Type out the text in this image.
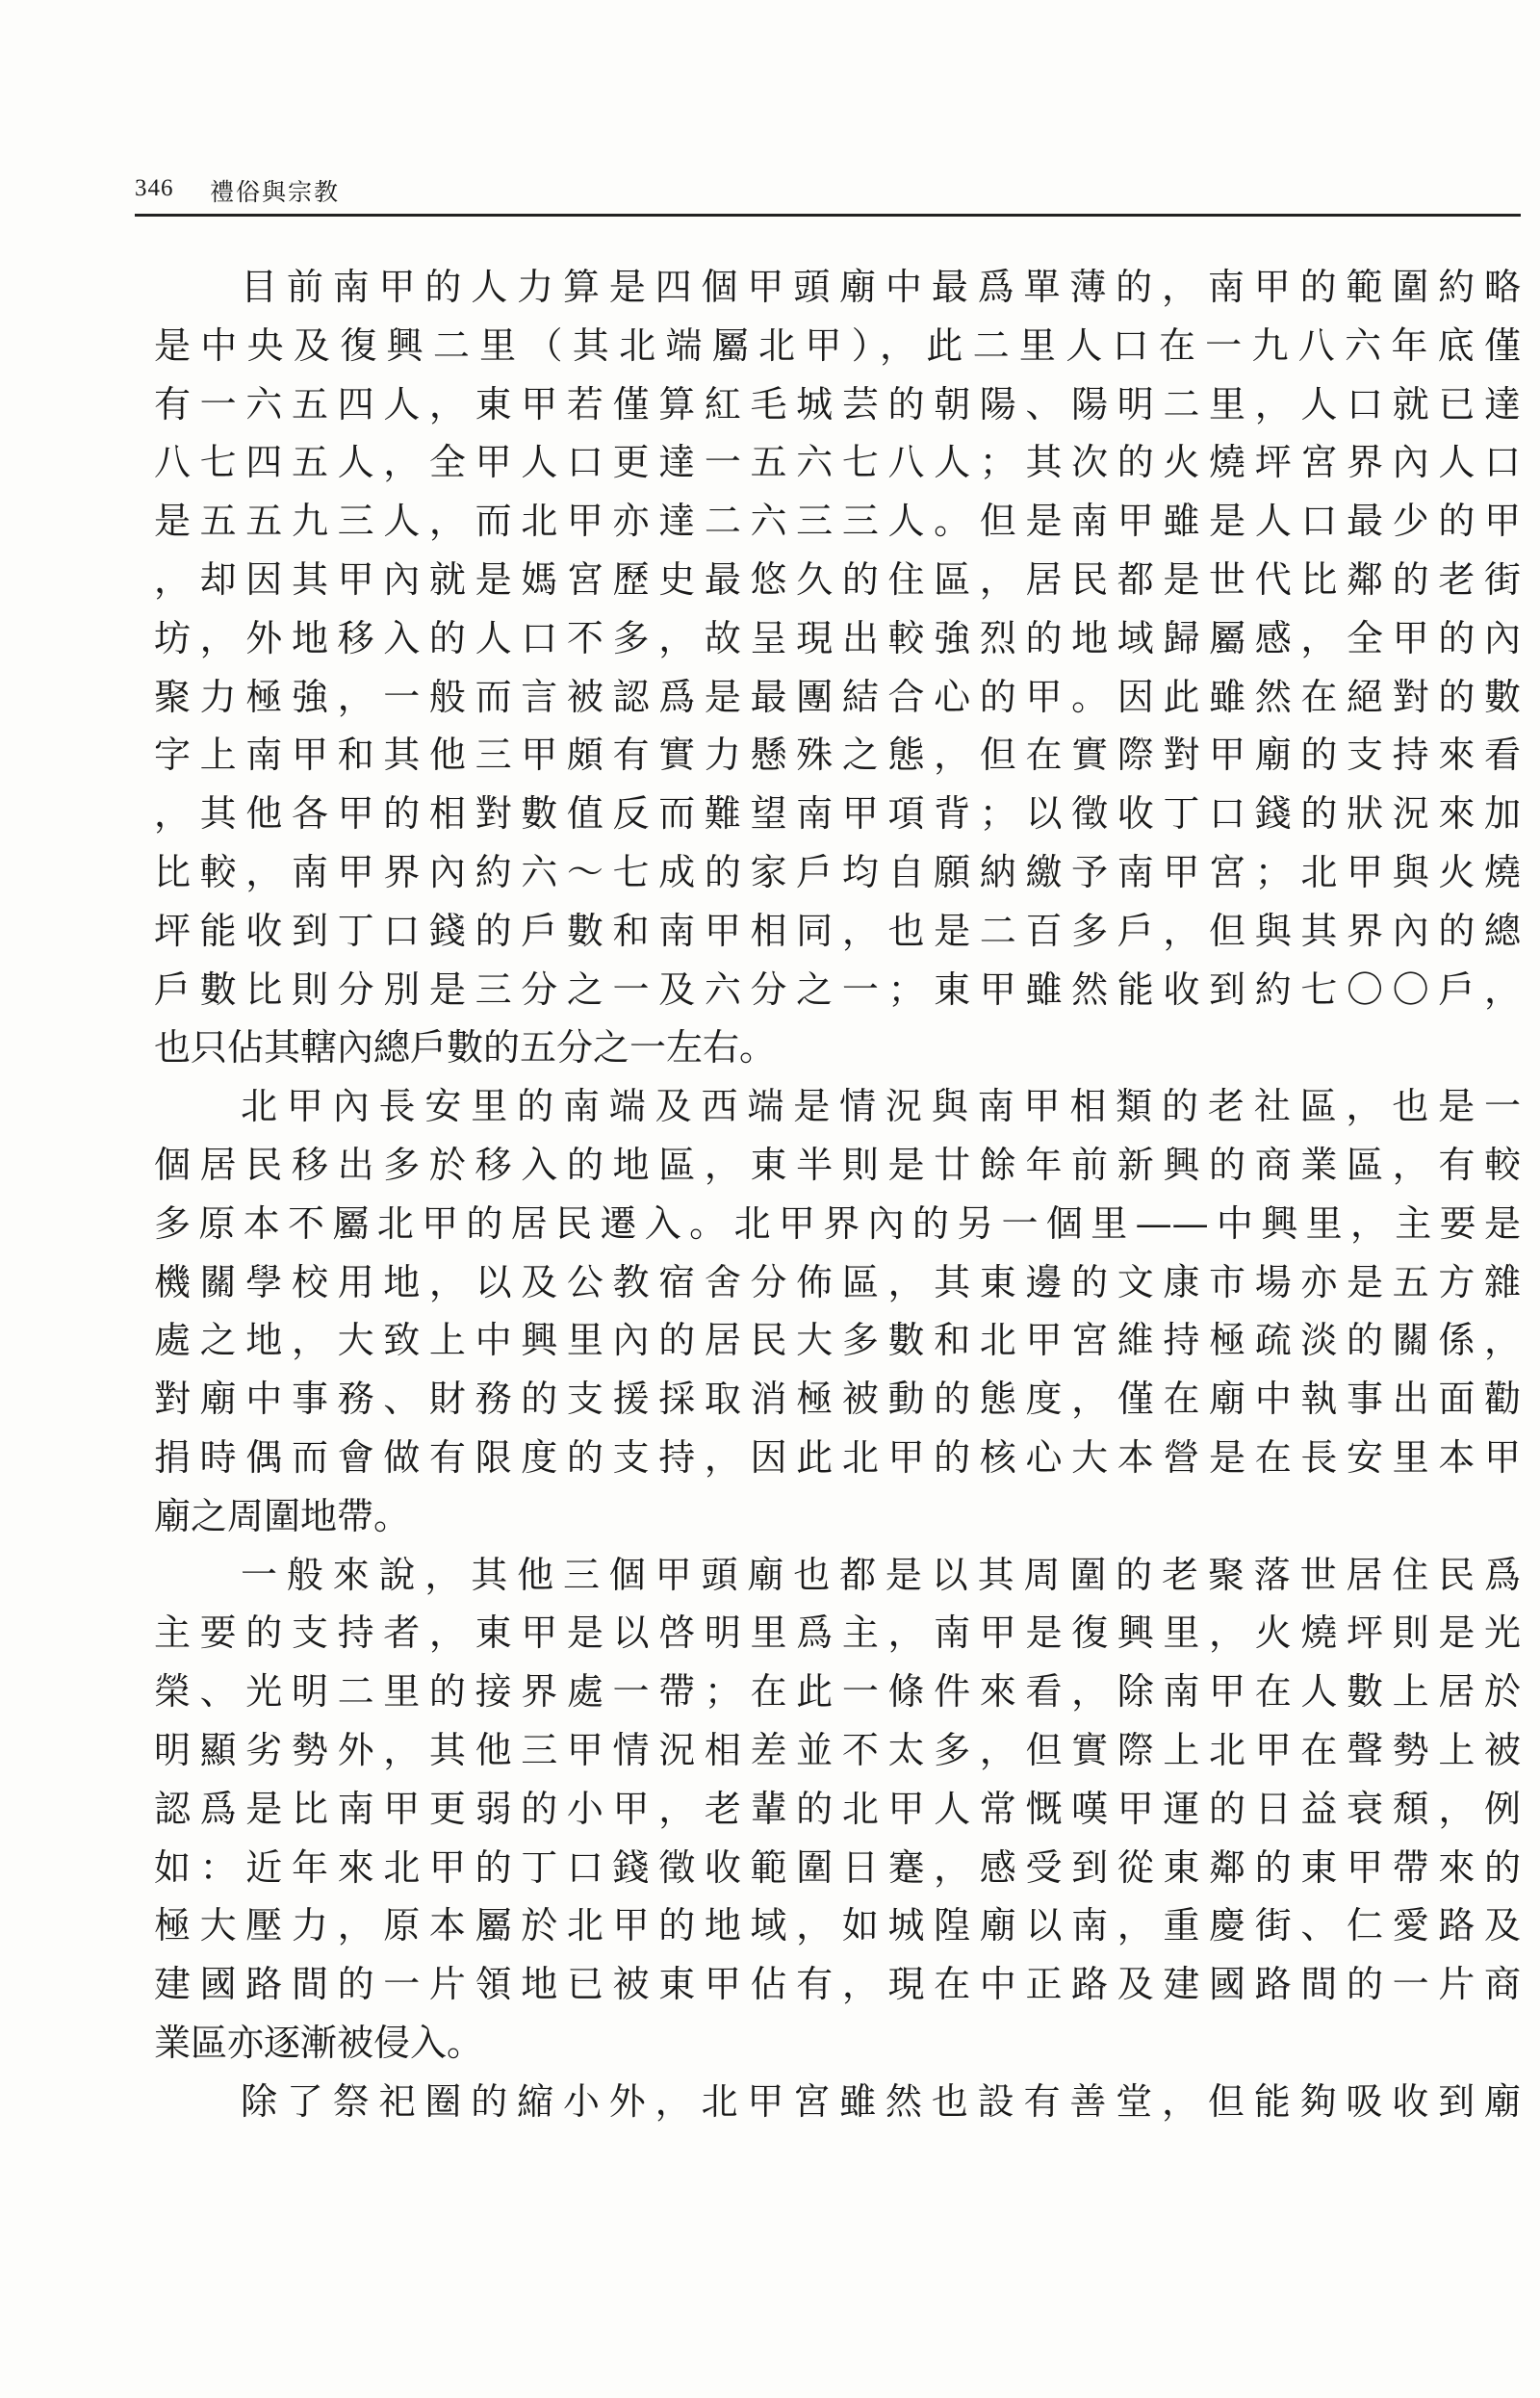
346 禮俗與宗教
目前南甲的人力算是四個甲頭廟中最爲單薄的，南甲的範圍約略
是中央及復興二里（其北端屬北甲），此二里人口在一九八六年底僅
有一六五四人，東甲若僅算紅毛城芸的朝陽、陽明二里，人口就已達
八七四五人，全甲人口更達一五六七八人；其次的火燒坪宮界內人口
是五五九三人，而北甲亦達二六三三人。但是南甲雖是人口最少的甲
，却因其甲內就是媽宮歷史最悠久的住區，居民都是世代比鄰的老街
坊，外地移入的人口不多，故呈現出較強烈的地域歸屬感，全甲的內
聚力極強，一般而言被認爲是最團結合心的甲。因此雖然在絕對的數
字上南甲和其他三甲頗有實力懸殊之態，但在實際對甲廟的支持來看
，其他各甲的相對數值反而難望南甲項背；以徵收丁口錢的狀況來加
比較，南甲界內約六～七成的家戶均自願納繳予南甲宮；北甲與火燒
坪能收到丁口錢的戶數和南甲相同，也是二百多戶，但與其界內的總
戶數比則分別是三分之一及六分之一；東甲雖然能收到約七〇〇戶，
也只佔其轄內總戶數的五分之一左右。
北甲內長安里的南端及西端是情況與南甲相類的老社區，也是一
個居民移出多於移入的地區，東半則是廿餘年前新興的商業區，有較
多原本不屬北甲的居民遷入。北甲界內的另一個里——中興里，主要是
機關學校用地，以及公教宿舍分佈區，其東邊的文康市場亦是五方雜
處之地，大致上中興里內的居民大多數和北甲宮維持極疏淡的關係，
對廟中事務、財務的支援採取消極被動的態度，僅在廟中執事出面勸
捐時偶而會做有限度的支持，因此北甲的核心大本營是在長安里本甲
廟之周圍地帶。
一般來說，其他三個甲頭廟也都是以其周圍的老聚落世居住民爲
主要的支持者，東甲是以啓明里爲主，南甲是復興里，火燒坪則是光
榮、光明二里的接界處一帶；在此一條件來看，除南甲在人數上居於
明顯劣勢外，其他三甲情況相差並不太多，但實際上北甲在聲勢上被
認爲是比南甲更弱的小甲，老輩的北甲人常慨嘆甲運的日益衰頹，例
如：近年來北甲的丁口錢徵收範圍日蹇，感受到從東鄰的東甲帶來的
極大壓力，原本屬於北甲的地域，如城隍廟以南，重慶街、仁愛路及
建國路間的一片領地已被東甲佔有，現在中正路及建國路間的一片商
業區亦逐漸被侵入。
除了祭祀圈的縮小外，北甲宮雖然也設有善堂，但能夠吸收到廟
